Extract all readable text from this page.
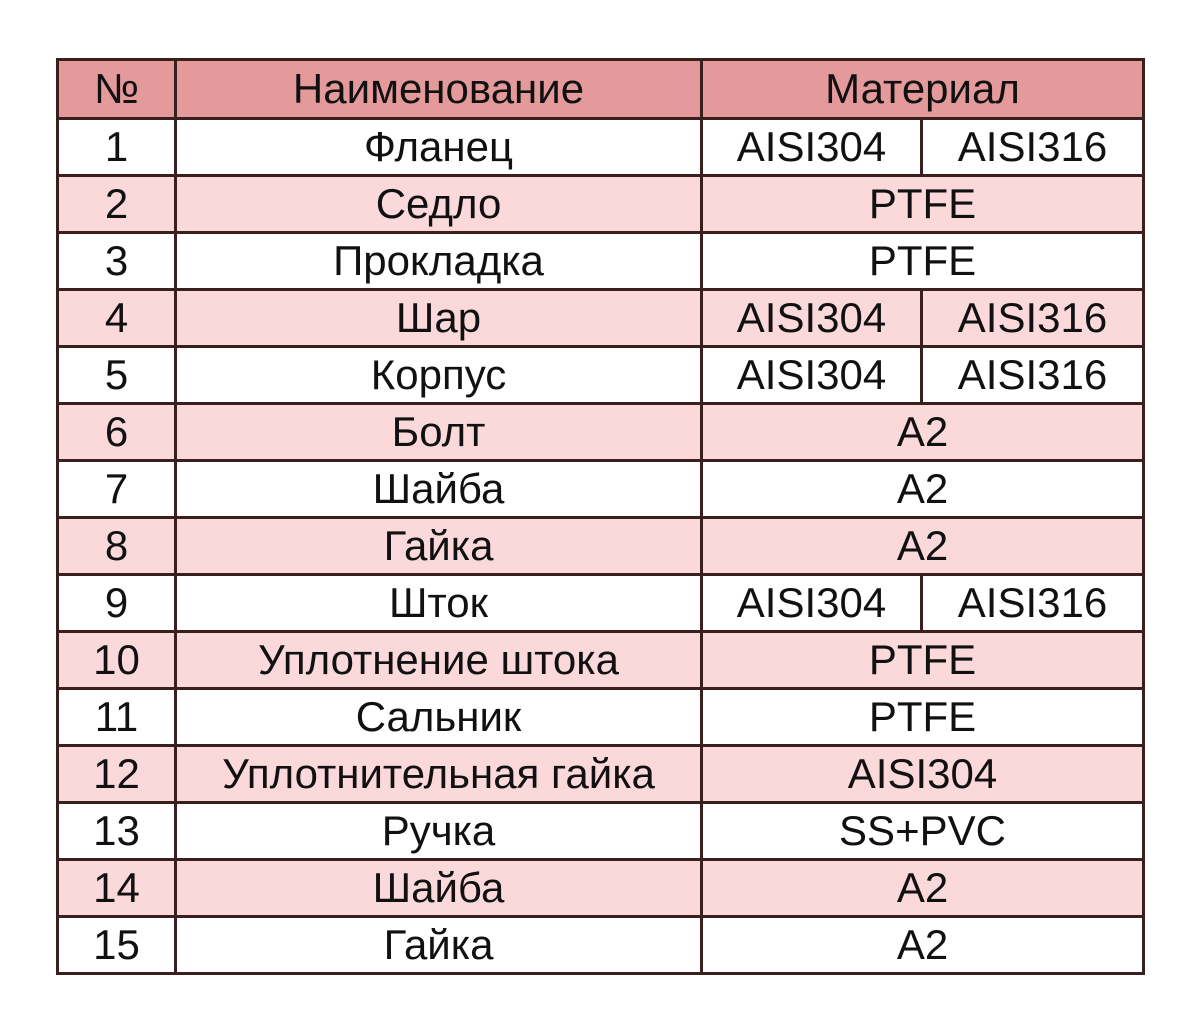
№	Наименование	Материал	
1	Фланец	AISI304	AISI316
2	Седло	PTFE	
3	Прокладка	PTFE	
4	Шар	AISI304	AISI316
5	Корпус	AISI304	AISI316
6	Болт	A2	
7	Шайба	A2	
8	Гайка	A2	
9	Шток	AISI304	AISI316
10	Уплотнение штока	PTFE	
11	Сальник	PTFE	
12	Уплотнительная гайка	AISI304	
13	Ручка	SS+PVC	
14	Шайба	A2	
15	Гайка	A2	
